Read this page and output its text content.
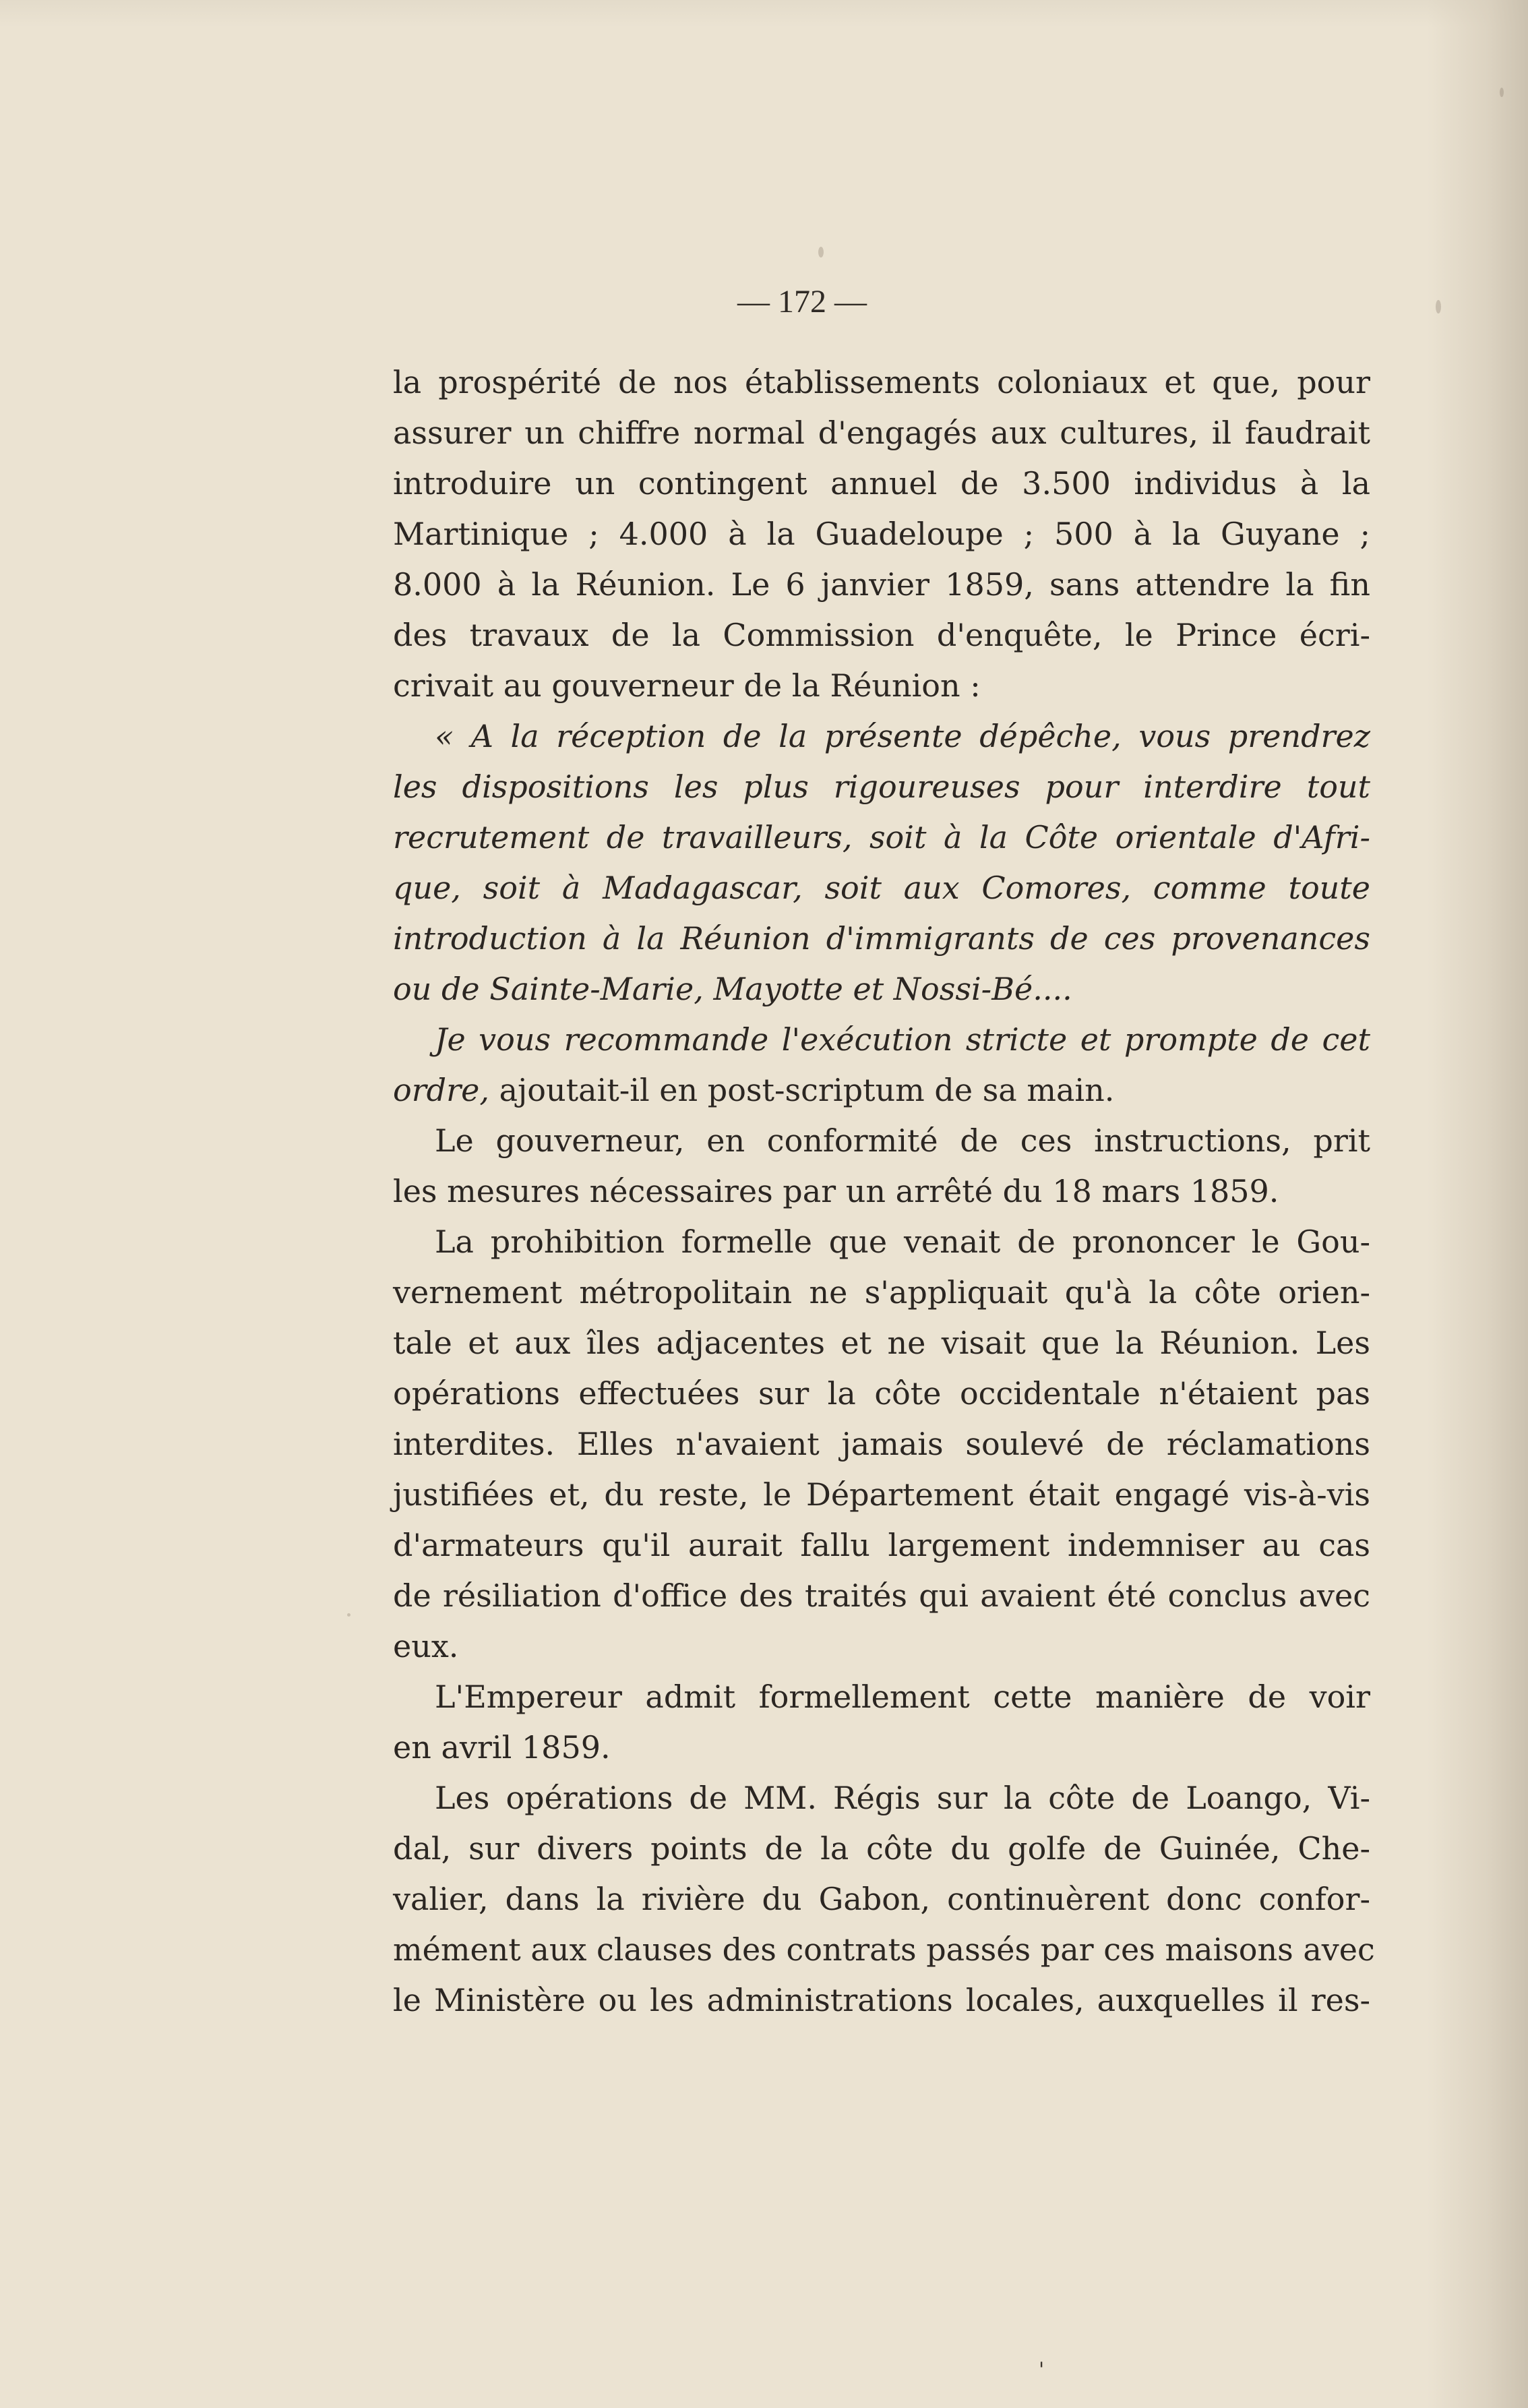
— 172 —
la prospérité de nos établissements coloniaux et que, pour
assurer un chiffre normal d'engagés aux cultures, il faudrait
introduire un contingent annuel de 3.500 individus à la
Martinique ; 4.000 à la Guadeloupe ; 500 à la Guyane ;
8.000 à la Réunion. Le 6 janvier 1859, sans attendre la fin
des travaux de la Commission d'enquête, le Prince écri-
crivait au gouverneur de la Réunion :
« A la réception de la présente dépêche, vous prendrez
les dispositions les plus rigoureuses pour interdire tout
recrutement de travailleurs, soit à la Côte orientale d'Afri-
que, soit à Madagascar, soit aux Comores, comme toute
introduction à la Réunion d'immigrants de ces provenances
ou de Sainte-Marie, Mayotte et Nossi-Bé....
Je vous recommande l'exécution stricte et prompte de cet
ordre, ajoutait-il en post-scriptum de sa main.
Le gouverneur, en conformité de ces instructions, prit
les mesures nécessaires par un arrêté du 18 mars 1859.
La prohibition formelle que venait de prononcer le Gou-
vernement métropolitain ne s'appliquait qu'à la côte orien-
tale et aux îles adjacentes et ne visait que la Réunion. Les
opérations effectuées sur la côte occidentale n'étaient pas
interdites. Elles n'avaient jamais soulevé de réclamations
justifiées et, du reste, le Département était engagé vis-à-vis
d'armateurs qu'il aurait fallu largement indemniser au cas
de résiliation d'office des traités qui avaient été conclus avec
eux.
L'Empereur admit formellement cette manière de voir
en avril 1859.
Les opérations de MM. Régis sur la côte de Loango, Vi-
dal, sur divers points de la côte du golfe de Guinée, Che-
valier, dans la rivière du Gabon, continuèrent donc confor-
mément aux clauses des contrats passés par ces maisons avec
le Ministère ou les administrations locales, auxquelles il res-
'
